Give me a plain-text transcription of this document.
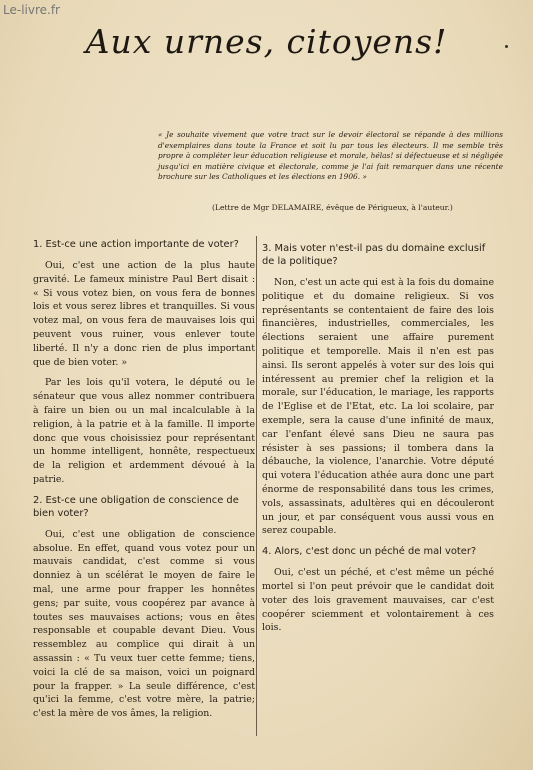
Le-livre.fr
Aux urnes, citoyens!
« Je souhaite vivement que votre tract sur le devoir électoral se répande à des millions d'exemplaires dans toute la France et soit lu par tous les électeurs. Il me semble très propre à compléter leur éducation religieuse et morale, hélas! si défectueuse et si négligée jusqu'ici en matière civique et électorale, comme je l'ai fait remarquer dans une récente brochure sur les Catholiques et les élections en 1906. »
(Lettre de Mgr DELAMAIRE, évêque de Périgueux, à l'auteur.)
1. Est-ce une action importante de voter?

Oui, c'est une action de la plus haute gravité. Le fameux ministre Paul Bert disait : « Si vous votez bien, on vous fera de bonnes lois et vous serez libres et tranquilles. Si vous votez mal, on vous fera de mauvaises lois qui peuvent vous ruiner, vous enlever toute liberté. Il n'y a donc rien de plus important que de bien voter. »

Par les lois qu'il votera, le député ou le sénateur que vous allez nommer contribuera à faire un bien ou un mal incalculable à la religion, à la patrie et à la famille. Il importe donc que vous choisissiez pour représentant un homme intelligent, honnête, respectueux de la religion et ardemment dévoué à la patrie.

2. Est-ce une obligation de conscience de bien voter?

Oui, c'est une obligation de conscience absolue. En effet, quand vous votez pour un mauvais candidat, c'est comme si vous donniez à un scélérat le moyen de faire le mal, une arme pour frapper les honnêtes gens; par suite, vous coopérez par avance à toutes ses mauvaises actions; vous en êtes responsable et coupable devant Dieu. Vous ressemblez au complice qui dirait à un assassin : « Tu veux tuer cette femme; tiens, voici la clé de sa maison, voici un poignard pour la frapper. » La seule différence, c'est qu'ici la femme, c'est votre mère, la patrie; c'est la mère de vos âmes, la religion.

3. Mais voter n'est-il pas du domaine exclusif de la politique?

Non, c'est un acte qui est à la fois du domaine politique et du domaine religieux. Si vos représentants se contentaient de faire des lois financières, industrielles, commerciales, les élections seraient une affaire purement politique et temporelle. Mais il n'en est pas ainsi. Ils seront appelés à voter sur des lois qui intéressent au premier chef la religion et la morale, sur l'éducation, le mariage, les rapports de l'Eglise et de l'Etat, etc. La loi scolaire, par exemple, sera la cause d'une infinité de maux, car l'enfant élevé sans Dieu ne saura pas résister à ses passions; il tombera dans la débauche, la violence, l'anarchie. Votre député qui votera l'éducation athée aura donc une part énorme de responsabilité dans tous les crimes, vols, assassinats, adultères qui en découleront un jour, et par conséquent vous aussi vous en serez coupable.

4. Alors, c'est donc un péché de mal voter?

Oui, c'est un péché, et c'est même un péché mortel si l'on peut prévoir que le candidat doit voter des lois gravement mauvaises, car c'est coopérer sciemment et volontairement à ces lois.
